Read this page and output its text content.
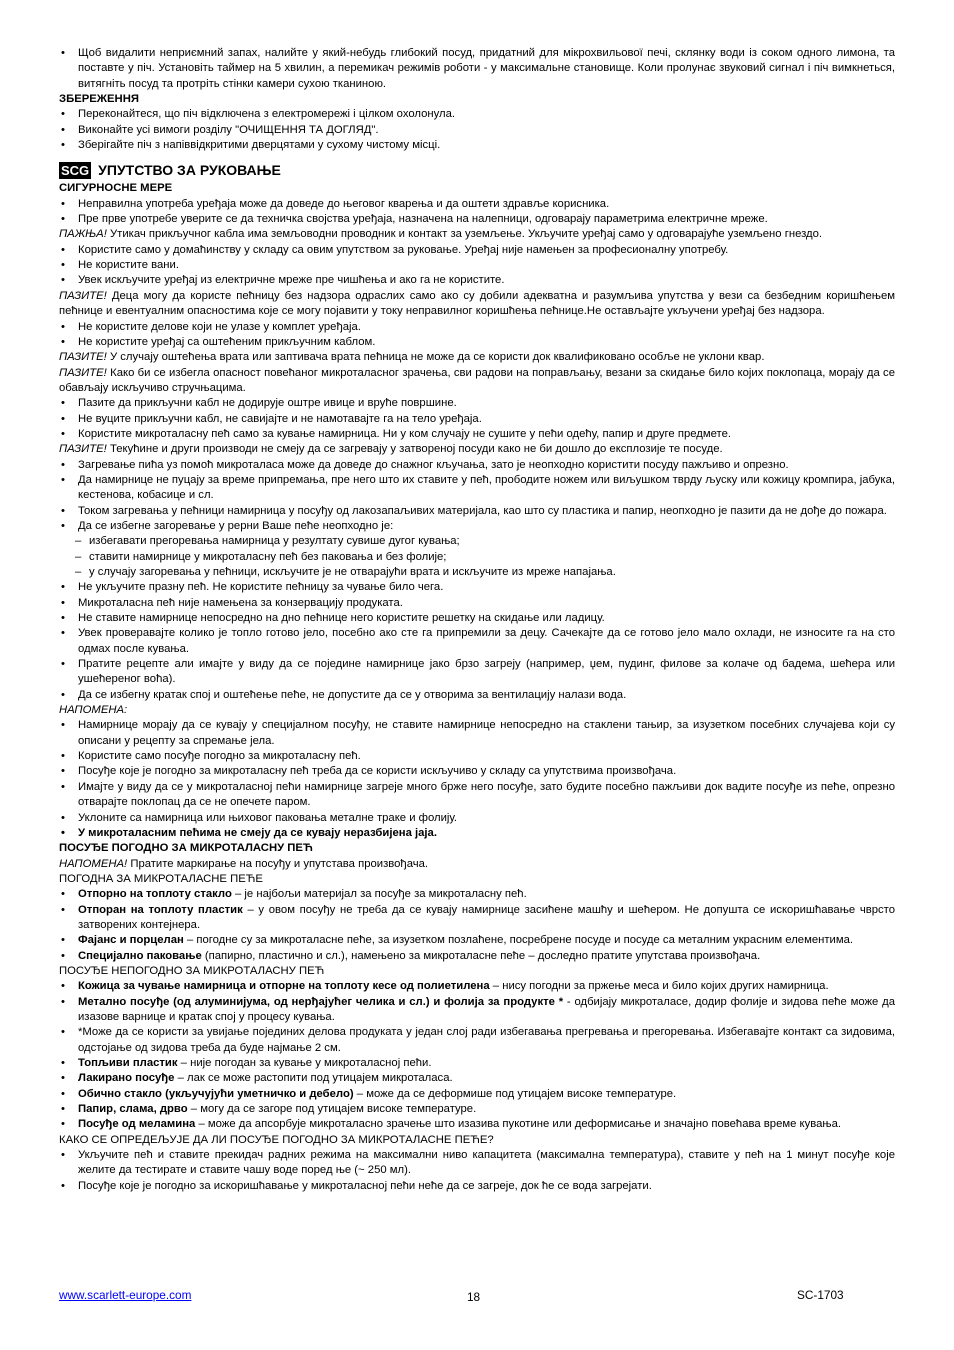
• Щоб видалити неприємний запах, налийте у який-небудь глибокий посуд, придатний для мікрохвильової печі, склянку води із соком одного лимона, та поставте у піч. Установіть таймер на 5 хвилин, а перемикач режимів роботи - у максимальне становище. Коли пролунає звуковий сигнал і піч вимкнеться, витягніть посуд та протріть стінки камери сухою тканиною.
ЗБЕРЕЖЕННЯ
• Переконайтеся, що піч відключена з електромережі і цілком охолонула.
• Виконайте усі вимоги розділу "ОЧИЩЕННЯ ТА ДОГЛЯД".
• Зберігайте піч з напіввідкритими дверцятами у сухому чистому місці.
SCG УПУТСТВО ЗА РУКОВАЊЕ
СИГУРНОСНЕ МЕРЕ
• Неправилна употреба уређаја може да доведе до његовог кварења и да оштети здравље корисника.
• Пре прве употребе уверите се да техничка својства уређаја, назначена на налепници, одговарају параметрима електричне мреже.
ПАЖЊА! Утикач прикључног кабла има земљоводни проводник и контакт за уземљење. Укључите уређај само у одговарајуће уземљено гнездо.
• Користите само у домаћинству у складу са овим упутством за руковање. Уређај није намењен за професионалну употребу.
• Не користите вани.
• Увек искључите уређај из електричне мреже пре чишћења и ако га не користите.
ПАЗИТЕ! Деца могу да користе пећницу без надзора одраслих само ако су добили адекватна и разумљива упутства у вези са безбедним коришћењем пећнице и евентуалним опасностима које се могу појавити у току неправилног коришћења пећнице.Не остављајте укључени уређај без надзора.
• Не користите делове који не улазе у комплет уређаја.
• Не користите уређај са оштећеним прикључним каблом.
ПАЗИТЕ! У случају оштећења врата или заптивача врата пећница не може да се користи док квалификовано особље не уклони квар.
ПАЗИТЕ! Како би се избегла опасност повећаног микроталасног зрачења, сви радови на поправљању, везани за скидање било којих поклопаца, морају да се обављају искључиво стручњацима.
• Пазите да прикључни кабл не додирује оштре ивице и вруће површине.
• Не вуците прикључни кабл, не савијајте и не намотавајте га на тело уређаја.
• Користите микроталасну пећ само за кување намирница. Ни у ком случају не сушите у пећи одећу, папир и друге предмете.
ПАЗИТЕ! Текућине и други производи не смеју да се загревају у затвореној посуди како не би дошло до експлозије те посуде.
• Загревање пића уз помоћ микроталаса може да доведе до снажног кључања, зато је неопходно користити посуду пажљиво и опрезно.
• Да намирнице не пуцају за време припремања, пре него што их ставите у пећ, прободите ножем или виљушком тврду љуску или кожицу кромпира, јабука, кестенова, кобасице и сл.
• Током загревања у пећници намирница у посуђу од лакозапаљивих материјала, као што су пластика и папир, неопходно је пазити да не дође до пожара.
• Да се избегне загоревање у рерни Ваше пеће неопходно је:
– избегавати прегоревања намирница у резултату сувише дугог кувања;
– ставити намирнице у микроталасну пећ без паковања и без фолије;
– у случају загоревања у пећници, искључите је не отварајући врата и искључите из мреже напајања.
• Не укључите празну пећ. Не користите пећницу за чување било чега.
• Микроталасна пећ није намењена за конзервацију продуката.
• Не ставите намирнице непосредно на дно пећнице него користите решетку на скидање или ладицу.
• Увек проверавајте колико је топло готово јело, посебно ако сте га припремили за децу. Сачекајте да се готово јело мало охлади, не износите га на сто одмах после кувања.
• Пратите рецепте али имајте у виду да се поједине намирнице јако брзо загреју (например, џем, пудинг, филове за колаче од бадема, шећера или ушећереног воћа).
• Да се избегну кратак спој и оштећење пеће, не допустите да се у отворима за вентилацију налази вода.
НАПОМЕНА:
• Намирнице морају да се кувају у специјалном посуђу, не ставите намирнице непосредно на стаклени тањир, за изузетком посебних случајева који су описани у рецепту за спремање јела.
• Користите само посуђе погодно за микроталасну пећ.
• Посуђе које је погодно за микроталасну пећ треба да се користи искључиво у складу са упутствима произвођача.
• Имајте у виду да се у микроталасној пећи намирнице загрејe много брже него посуђе, зато будите посебно пажљиви док вадите посуђе из пеће, опрезно отварајте поклопац да се не опечете паром.
• Уклоните са намирница или њиховог паковања металне траке и фолију.
• У микроталасним пећима не смеју да се кувају неразбијена jаја.
ПОСУЂЕ ПОГОДНО ЗА МИКРОТАЛАСНУ ПЕЋ
НАПОМЕНА! Пратите маркирање на посуђу и упутстава произвођача.
ПОГОДНА ЗА МИКРОТАЛАСНЕ ПЕЋЕ
• Отпорно на топлоту стакло – је најбољи материјал за посуђе за микроталасну пећ.
• Отпоран на топлоту пластик – у овом посуђу не треба да се кувају намирнице засићене машћу и шећером. Не допушта се искоришћавање чврсто затворених контејнера.
• Фајанс и порцелан – погодне су за микроталасне пеће, за изузетком позлаћене, посребрене посуде и посуде са металним украсним елементима.
• Специјално паковање (папирно, пластично и сл.), намењено за микроталасне пеће – доследно пратите упутстава произвођача.
ПОСУЂЕ НЕПОГОДНО ЗА МИКРОТАЛАСНУ ПЕЋ
• Кожица за чување намирница и отпорне на топлоту кесе од полиетилена – нису погодни за пржење меса и било којих других намирница.
• Метално посуђе (од алуминијума, од нерђајућег челика и сл.) и фолија за продукте * - одбијају микроталасе, додир фолије и зидова пеће може да изазове варнице и кратак спој у процесу кувања.
• *Може да се користи за увијање појединих делова продуката у један слој ради избегавања прегревања и прегоревања. Избегавајте контакт са зидовима, одстојање од зидова треба да буде најмање 2 cм.
• Топљиви пластик – није погодан за кување у микроталасној пећи.
• Лакирано посуђе – лак се може растопити под утицајем микроталаса.
• Обично стакло (укључујући уметничко и дебело) – може да се деформише под утицајем високе температуре.
• Папир, слама, дрво – могу да се загоре под утицајем високе температуре.
• Посуђе од меламина – може да апсорбује микроталасно зрачење што изазива пукотине или деформисање и значајно повећава време кувања.
КАКО СЕ ОПРЕДЕЉУЈЕ ДА ЛИ ПОСУЂЕ ПОГОДНО ЗА МИКРОТАЛАСНЕ ПЕЋЕ?
• Укључите пећ и ставите прекидач радних режима на максимални ниво капацитета (максимална температура), ставите у пећ на 1 минут посуђе које желите да тестирате и ставите чашу воде поред ње (~ 250 мл).
• Посуђе које је погодно за искоришћавање у микроталасној пећи неће да се загреје, док ће се вода загрејати.
www.scarlett-europe.com	18	SC-1703
